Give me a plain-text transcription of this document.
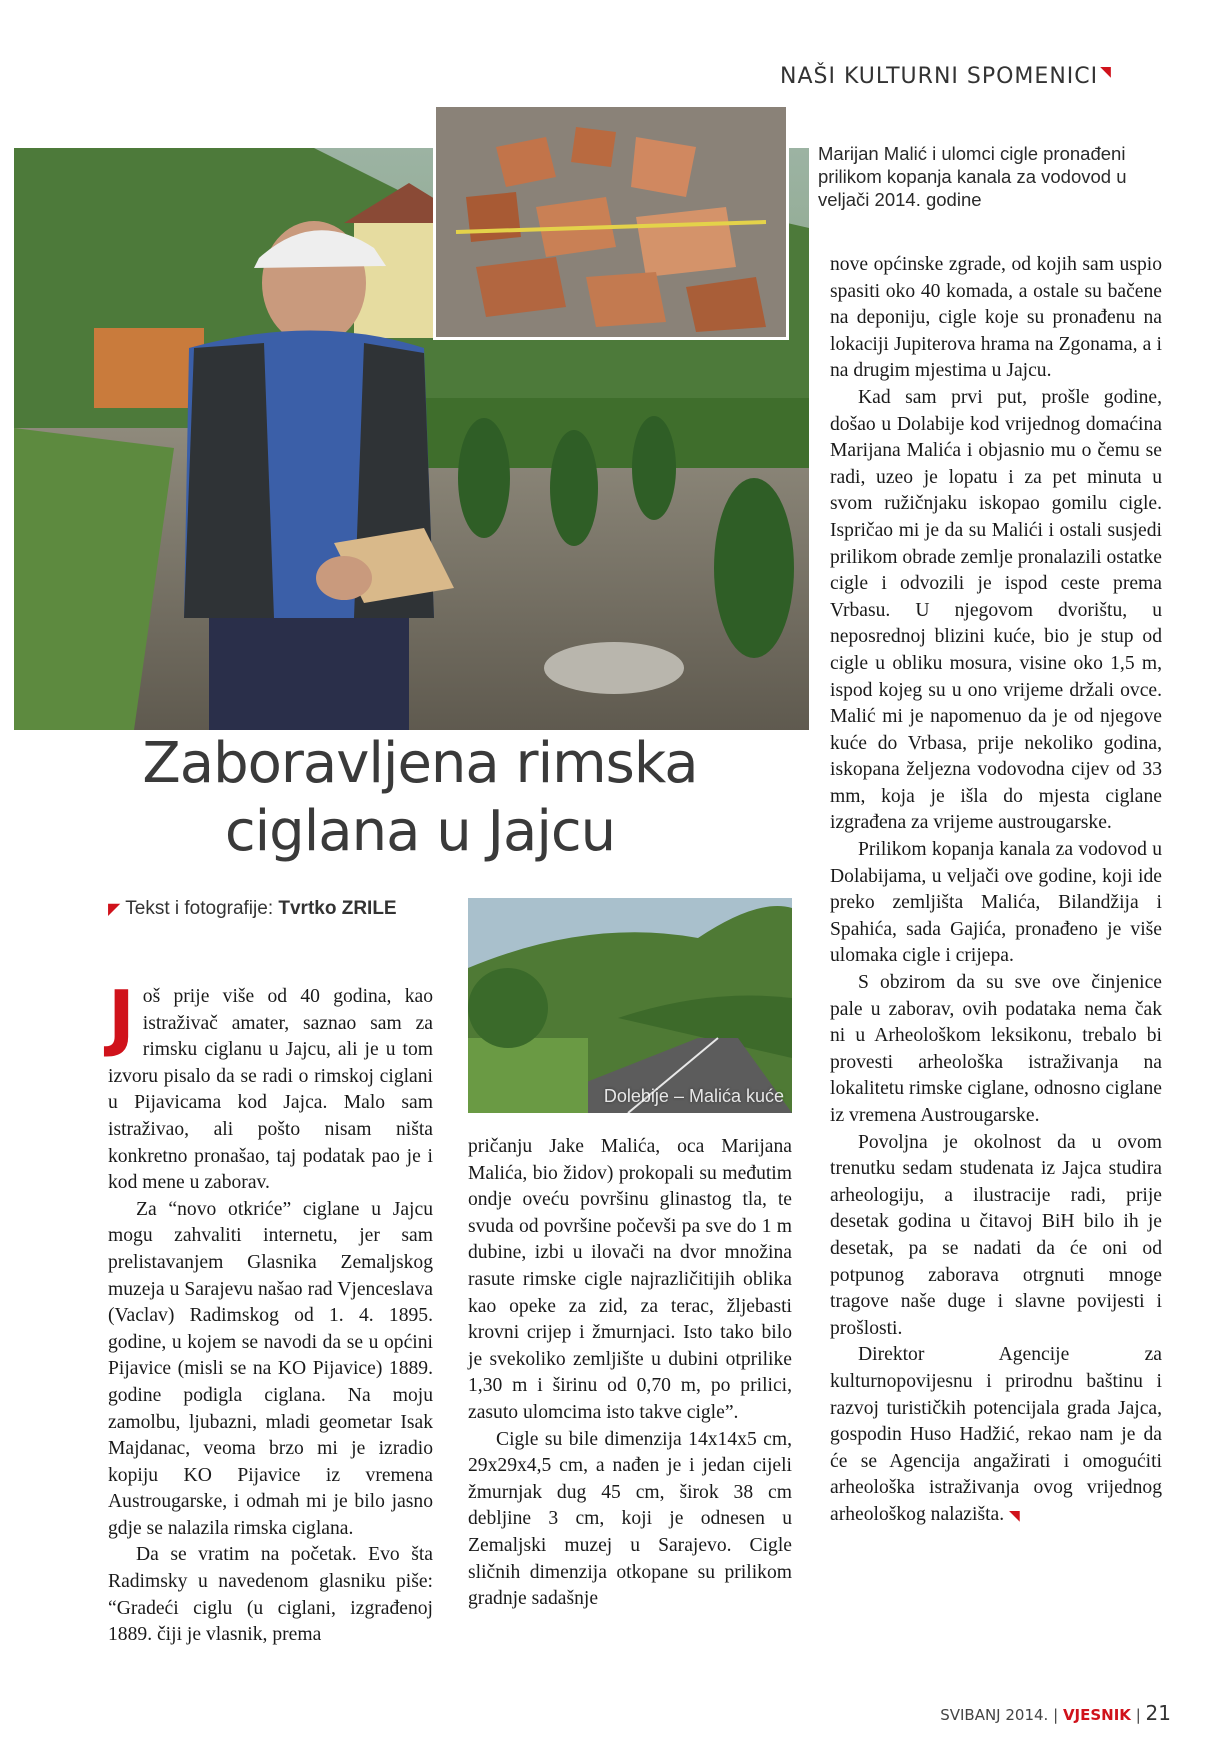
NAŠI KULTURNI SPOMENICI ◥
Marijan Malić i ulomci cigle pronađeni prilikom kopanja kanala za vodovod u veljači 2014. godine
Zaboravljena rimska
ciglana u Jajcu
◤ Tekst i fotografije: Tvrtko ZRILE
J oš prije više od 40 godina, kao istraživač amater, saznao sam za rimsku ciglanu u Jajcu, ali je u tom izvoru pisalo da se radi o rimskoj ciglani u Pijavicama kod Jajca. Malo sam istraživao, ali pošto nisam ništa konkretno pronašao, taj podatak pao je i kod mene u zaborav.

Za “novo otkriće” ciglane u Jajcu mogu zahvaliti internetu, jer sam prelistavanjem Glasnika Zemaljskog muzeja u Sarajevu našao rad Vjenceslava (Vaclav) Radimskog od 1. 4. 1895. godine, u kojem se navodi da se u općini Pijavice (misli se na KO Pijavice) 1889. godine podigla ciglana. Na moju zamolbu, ljubazni, mladi geometar Isak Majdanac, veoma brzo mi je izradio kopiju KO Pijavice iz vremena Austrougarske, i odmah mi je bilo jasno gdje se nalazila rimska ciglana.

Da se vratim na početak. Evo šta Radimsky u navedenom glasniku piše: “Gradeći ciglu (u ciglani, izgrađenoj 1889. čiji je vlasnik, prema

Dolebije – Malića kuće

pričanju Jake Malića, oca Marijana Malića, bio židov) prokopali su međutim ondje oveću površinu glinastog tla, te svuda od površine počevši pa sve do 1 m dubine, izbi u ilovači na dvor množina rasute rimske cigle najrazličitijih oblika kao opeke za zid, za terac, žljebasti krovni crijep i žmurnjaci. Isto tako bilo je svekoliko zemljište u dubini otprilike 1,30 m i širinu od 0,70 m, po prilici, zasuto ulomcima isto takve cigle”.

Cigle su bile dimenzija 14x14x5 cm, 29x29x4,5 cm, a nađen je i jedan cijeli žmurnjak dug 45 cm, širok 38 cm debljine 3 cm, koji je odnesen u Zemaljski muzej u Sarajevo. Cigle sličnih dimenzija otkopane su prilikom gradnje sadašnje

nove općinske zgrade, od kojih sam uspio spasiti oko 40 komada, a ostale su bačene na deponiju, cigle koje su pronađenu na lokaciji Jupiterova hrama na Zgonama, a i na drugim mjestima u Jajcu.

Kad sam prvi put, prošle godine, došao u Dolabije kod vrijednog domaćina Marijana Malića i objasnio mu o čemu se radi, uzeo je lopatu i za pet minuta u svom ružičnjaku iskopao gomilu cigle. Ispričao mi je da su Malići i ostali susjedi prilikom obrade zemlje pronalazili ostatke cigle i odvozili je ispod ceste prema Vrbasu. U njegovom dvorištu, u neposrednoj blizini kuće, bio je stup od cigle u obliku mosura, visine oko 1,5 m, ispod kojeg su u ono vrijeme držali ovce. Malić mi je napomenuo da je od njegove kuće do Vrbasa, prije nekoliko godina, iskopana željezna vodovodna cijev od 33 mm, koja je išla do mjesta ciglane izgrađena za vrijeme austrougarske.

Prilikom kopanja kanala za vodovod u Dolabijama, u veljači ove godine, koji ide preko zemljišta Malića, Bilandžija i Spahića, sada Gajića, pronađeno je više ulomaka cigle i crijepa.

S obzirom da su sve ove činjenice pale u zaborav, ovih podataka nema čak ni u Arheološkom leksikonu, trebalo bi provesti arheološka istraživanja na lokalitetu rimske ciglane, odnosno ciglane iz vremena Austrougarske.

Povoljna je okolnost da u ovom trenutku sedam studenata iz Jajca studira arheologiju, a ilustracije radi, prije desetak godina u čitavoj BiH bilo ih je desetak, pa se nadati da će oni od potpunog zaborava otrgnuti mnoge tragove naše duge i slavne povijesti i prošlosti.

Direktor Agencije za kulturnopovijesnu i prirodnu baštinu i razvoj turističkih potencijala grada Jajca, gospodin Huso Hadžić, rekao nam je da će se Agencija angažirati i omogućiti arheološka istraživanja ovog vrijednog arheološkog nalazišta. ◥

SVIBANJ 2014. | VJESNIK | 21
